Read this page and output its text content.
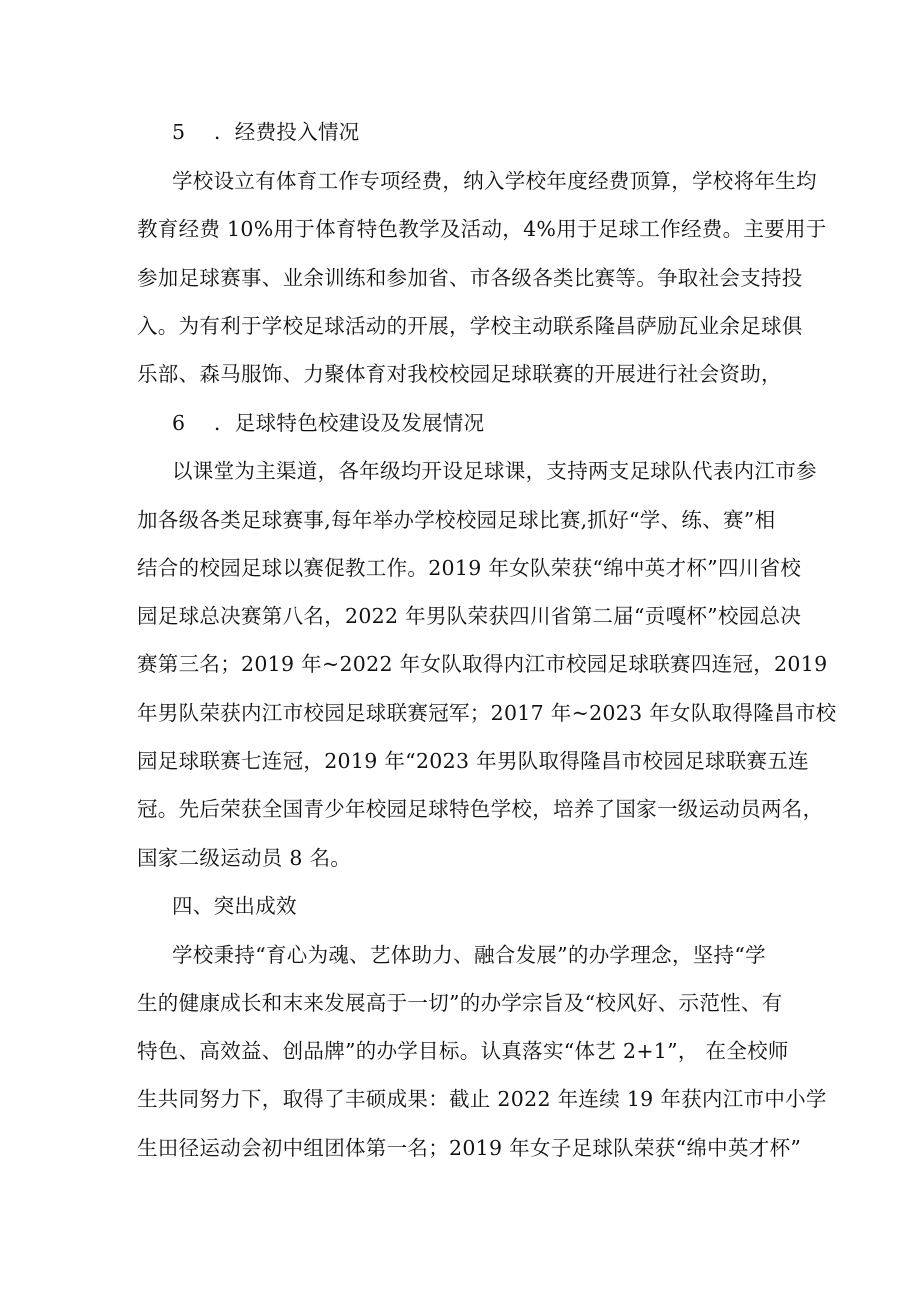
5 ．经费投入情况
学校设立有体育工作专项经费，纳入学校年度经费顶算，学校将年生均
教育经费 10%用于体育特色教学及活动，4%用于足球工作经费。主要用于
参加足球赛事、业余训练和参加省、市各级各类比赛等。争取社会支持投
入。为有利于学校足球活动的开展，学校主动联系隆昌萨励瓦业余足球俱
乐部、森马服饰、力聚体育对我校校园足球联赛的开展进行社会资助，
6 ．足球特色校建设及发展情况
以课堂为主渠道，各年级均开设足球课，支持两支足球队代表内江市参
加各级各类足球赛事,每年举办学校校园足球比赛,抓好“学、练、赛”相
结合的校园足球以赛促教工作。2019 年女队荣获“绵中英才杯”四川省校
园足球总决赛第八名，2022 年男队荣获四川省第二届“贡嘎杯”校园总决
赛第三名；2019 年~2022 年女队取得内江市校园足球联赛四连冠，2019
年男队荣获内江市校园足球联赛冠军；2017 年~2023 年女队取得隆昌市校
园足球联赛七连冠，2019 年“2023 年男队取得隆昌市校园足球联赛五连
冠。先后荣获全国青少年校园足球特色学校，培养了国家一级运动员两名，
国家二级运动员 8 名。
四、突出成效
学校秉持“育心为魂、艺体助力、融合发展”的办学理念，坚持“学
生的健康成长和末来发展高于一切”的办学宗旨及“校风好、示范性、有
特色、高效益、创品牌”的办学目标。认真落实“体艺 2+1”， 在全校师
生共同努力下，取得了丰硕成果：截止 2022 年连续 19 年获内江市中小学
生田径运动会初中组团体第一名；2019 年女子足球队荣获“绵中英才杯”
